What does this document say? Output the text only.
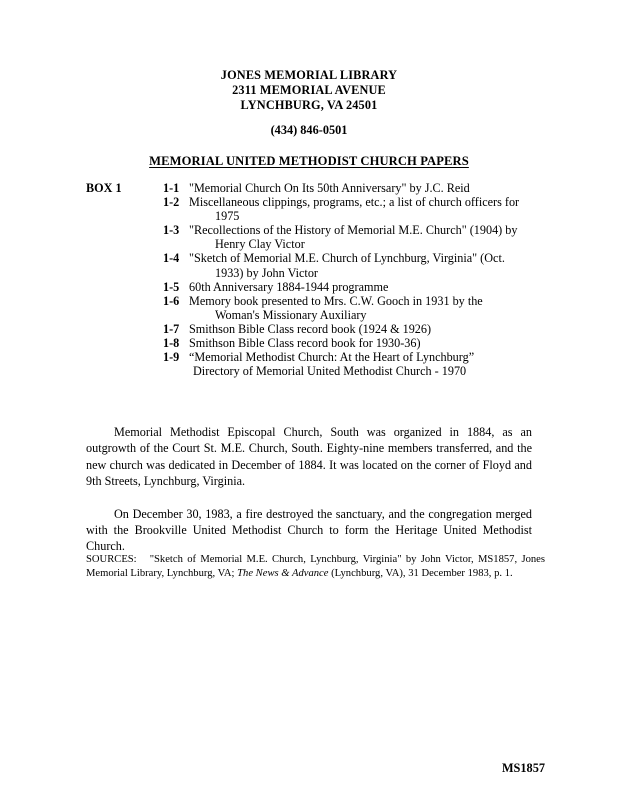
JONES MEMORIAL LIBRARY
2311 MEMORIAL AVENUE
LYNCHBURG, VA 24501
(434) 846-0501
MEMORIAL UNITED METHODIST CHURCH PAPERS
BOX 1	1-1 "Memorial Church On Its 50th Anniversary" by J.C. Reid
1-2 Miscellaneous clippings, programs, etc.; a list of church officers for
1975
1-3 "Recollections of the History of Memorial M.E. Church" (1904) by
Henry Clay Victor
1-4 "Sketch of Memorial M.E. Church of Lynchburg, Virginia" (Oct.
1933) by John Victor
1-5 60th Anniversary 1884-1944 programme
1-6 Memory book presented to Mrs. C.W. Gooch in 1931 by the
Woman's Missionary Auxiliary
1-7 Smithson Bible Class record book (1924 & 1926)
1-8 Smithson Bible Class record book for 1930-36)
1-9 “Memorial Methodist Church: At the Heart of Lynchburg”
Directory of Memorial United Methodist Church - 1970

Memorial Methodist Episcopal Church, South was organized in 1884, as an outgrowth of the Court St. M.E. Church, South. Eighty-nine members transferred, and the new church was dedicated in December of 1884. It was located on the corner of Floyd and 9th Streets, Lynchburg, Virginia.

On December 30, 1983, a fire destroyed the sanctuary, and the congregation merged with the Brookville United Methodist Church to form the Heritage United Methodist Church.

SOURCES: "Sketch of Memorial M.E. Church, Lynchburg, Virginia" by John Victor, MS1857, Jones Memorial Library, Lynchburg, VA; The News & Advance (Lynchburg, VA), 31 December 1983, p. 1.
MS1857
